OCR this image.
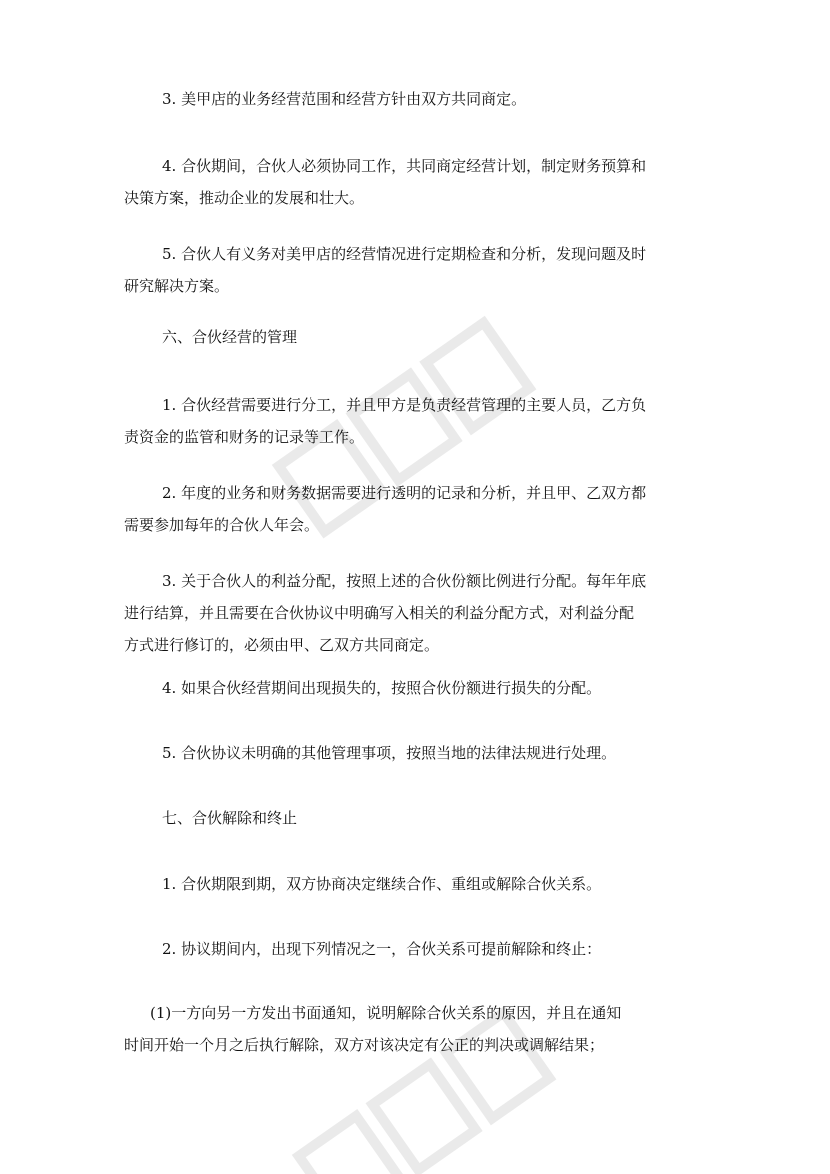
3. 美甲店的业务经营范围和经营方针由双方共同商定。

4. 合伙期间，合伙人必须协同工作，共同商定经营计划，制定财务预算和
决策方案，推动企业的发展和壮大。

5. 合伙人有义务对美甲店的经营情况进行定期检查和分析，发现问题及时
研究解决方案。

六、合伙经营的管理

1. 合伙经营需要进行分工，并且甲方是负责经营管理的主要人员，乙方负
责资金的监管和财务的记录等工作。

2. 年度的业务和财务数据需要进行透明的记录和分析，并且甲、乙双方都
需要参加每年的合伙人年会。

3. 关于合伙人的利益分配，按照上述的合伙份额比例进行分配。每年年底
进行结算，并且需要在合伙协议中明确写入相关的利益分配方式，对利益分配
方式进行修订的，必须由甲、乙双方共同商定。

4. 如果合伙经营期间出现损失的，按照合伙份额进行损失的分配。

5. 合伙协议未明确的其他管理事项，按照当地的法律法规进行处理。

七、合伙解除和终止

1. 合伙期限到期，双方协商决定继续合作、重组或解除合伙关系。

2. 协议期间内，出现下列情况之一，合伙关系可提前解除和终止：

(1)一方向另一方发出书面通知，说明解除合伙关系的原因，并且在通知
时间开始一个月之后执行解除，双方对该决定有公正的判决或调解结果；
